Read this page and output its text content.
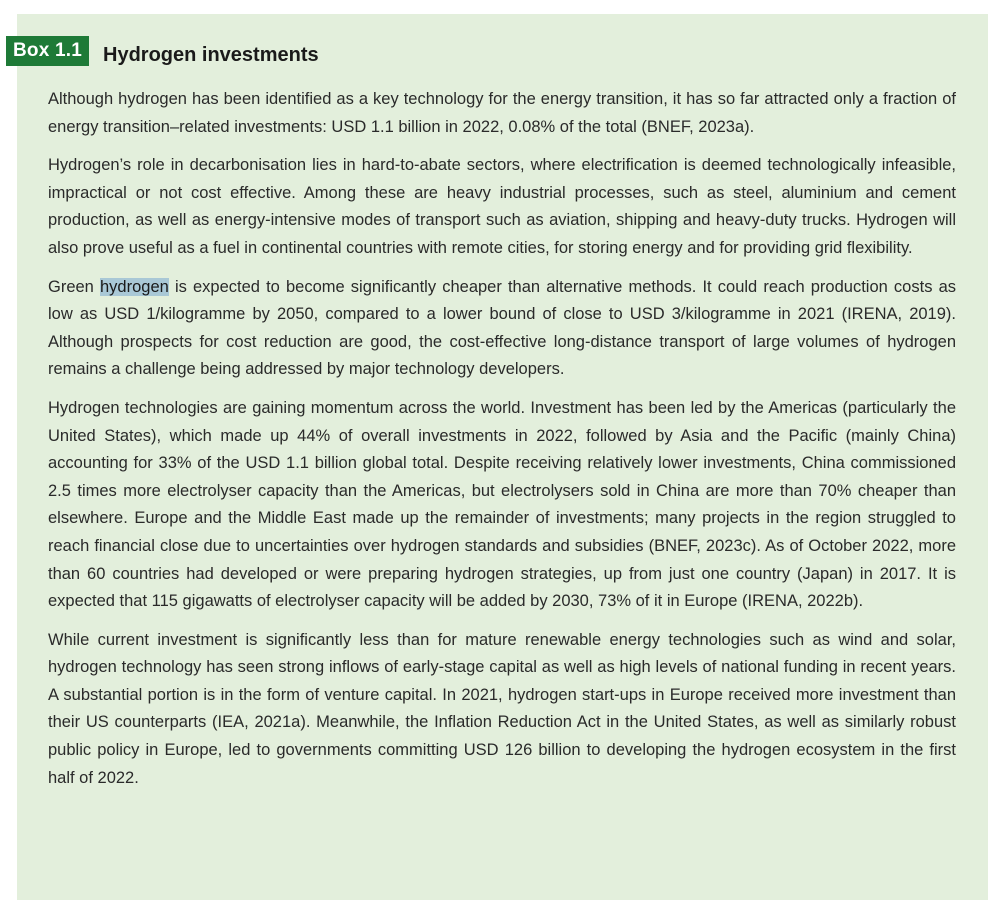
Box 1.1	Hydrogen investments

Although hydrogen has been identified as a key technology for the energy transition, it has so far attracted only a fraction of energy transition–related investments: USD 1.1 billion in 2022, 0.08% of the total (BNEF, 2023a).

Hydrogen’s role in decarbonisation lies in hard-to-abate sectors, where electrification is deemed technologically infeasible, impractical or not cost effective. Among these are heavy industrial processes, such as steel, aluminium and cement production, as well as energy-intensive modes of transport such as aviation, shipping and heavy-duty trucks. Hydrogen will also prove useful as a fuel in continental countries with remote cities, for storing energy and for providing grid flexibility.

Green hydrogen is expected to become significantly cheaper than alternative methods. It could reach production costs as low as USD 1/kilogramme by 2050, compared to a lower bound of close to USD 3/kilogramme in 2021 (IRENA, 2019). Although prospects for cost reduction are good, the cost-effective long-distance transport of large volumes of hydrogen remains a challenge being addressed by major technology developers.

Hydrogen technologies are gaining momentum across the world. Investment has been led by the Americas (particularly the United States), which made up 44% of overall investments in 2022, followed by Asia and the Pacific (mainly China) accounting for 33% of the USD 1.1 billion global total. Despite receiving relatively lower investments, China commissioned 2.5 times more electrolyser capacity than the Americas, but electrolysers sold in China are more than 70% cheaper than elsewhere. Europe and the Middle East made up the remainder of investments; many projects in the region struggled to reach financial close due to uncertainties over hydrogen standards and subsidies (BNEF, 2023c). As of October 2022, more than 60 countries had developed or were preparing hydrogen strategies, up from just one country (Japan) in 2017. It is expected that 115 gigawatts of electrolyser capacity will be added by 2030, 73% of it in Europe (IRENA, 2022b).

While current investment is significantly less than for mature renewable energy technologies such as wind and solar, hydrogen technology has seen strong inflows of early-stage capital as well as high levels of national funding in recent years. A substantial portion is in the form of venture capital. In 2021, hydrogen start-ups in Europe received more investment than their US counterparts (IEA, 2021a). Meanwhile, the Inflation Reduction Act in the United States, as well as similarly robust public policy in Europe, led to governments committing USD 126 billion to developing the hydrogen ecosystem in the first half of 2022.
